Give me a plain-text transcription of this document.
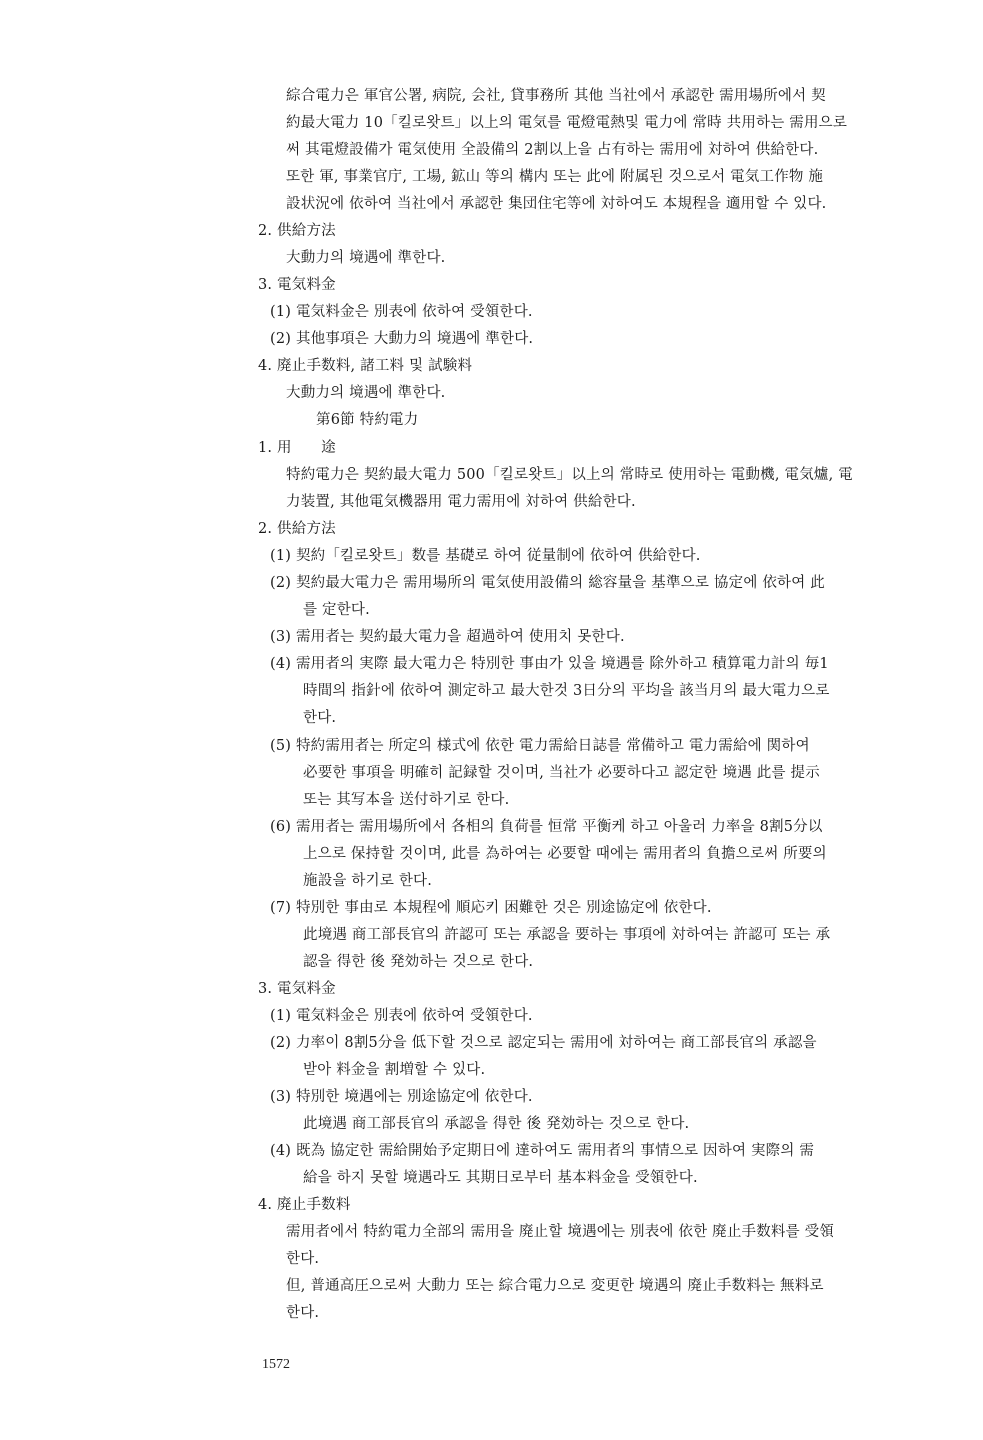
綜合電力은 軍官公署, 病院, 会社, 貸事務所 其他 当社에서 承認한 需用場所에서 契
約最大電力 10「킬로왓트」以上의 電気를 電燈電熱및 電力에 常時 共用하는 需用으로
써 其電燈設備가 電気使用 全設備의 2割以上을 占有하는 需用에 対하여 供給한다.
또한 軍, 事業官庁, 工場, 鉱山 等의 構内 또는 此에 附属된 것으로서 電気工作物 施
設状況에 依하여 当社에서 承認한 集団住宅等에 対하여도 本規程을 適用할 수 있다.
2. 供給方法
大動力의 境遇에 準한다.
3. 電気料金
(1) 電気料金은 別表에 依하여 受領한다.
(2) 其他事項은 大動力의 境遇에 準한다.
4. 廃止手数料, 諸工料 및 試験料
大動力의 境遇에 準한다.
第6節 特約電力
1. 用　　途
特約電力은 契約最大電力 500「킬로왓트」以上의 常時로 使用하는 電動機, 電気爐, 電
力装置, 其他電気機器用 電力需用에 対하여 供給한다.
2. 供給方法
(1) 契約「킬로왓트」数를 基礎로 하여 従量制에 依하여 供給한다.
(2) 契約最大電力은 需用場所의 電気使用設備의 総容量을 基準으로 協定에 依하여 此
를 定한다.
(3) 需用者는 契約最大電力을 超過하여 使用치 못한다.
(4) 需用者의 実際 最大電力은 特別한 事由가 있을 境遇를 除外하고 積算電力計의 毎1
時間의 指針에 依하여 測定하고 最大한것 3日分의 平均을 該当月의 最大電力으로
한다.
(5) 特約需用者는 所定의 様式에 依한 電力需給日誌를 常備하고 電力需給에 関하여
必要한 事項을 明確히 記録할 것이며, 当社가 必要하다고 認定한 境遇 此를 提示
또는 其写本을 送付하기로 한다.
(6) 需用者는 需用場所에서 各相의 負荷를 恒常 平衡케 하고 아울러 力率을 8割5分以
上으로 保持할 것이며, 此를 為하여는 必要할 때에는 需用者의 負擔으로써 所要의
施設을 하기로 한다.
(7) 特別한 事由로 本規程에 順応키 困難한 것은 別途協定에 依한다.
此境遇 商工部長官의 許認可 또는 承認을 要하는 事項에 対하여는 許認可 또는 承
認을 得한 後 発効하는 것으로 한다.
3. 電気料金
(1) 電気料金은 別表에 依하여 受領한다.
(2) 力率이 8割5分을 低下할 것으로 認定되는 需用에 対하여는 商工部長官의 承認을
받아 料金을 割増할 수 있다.
(3) 特別한 境遇에는 別途協定에 依한다.
此境遇 商工部長官의 承認을 得한 後 発効하는 것으로 한다.
(4) 既為 協定한 需給開始予定期日에 達하여도 需用者의 事情으로 因하여 実際의 需
給을 하지 못할 境遇라도 其期日로부터 基本料金을 受領한다.
4. 廃止手数料
需用者에서 特約電力全部의 需用을 廃止할 境遇에는 別表에 依한 廃止手数料를 受領
한다.
但, 普通高圧으로써 大動力 또는 綜合電力으로 変更한 境遇의 廃止手数料는 無料로
한다.
1572
